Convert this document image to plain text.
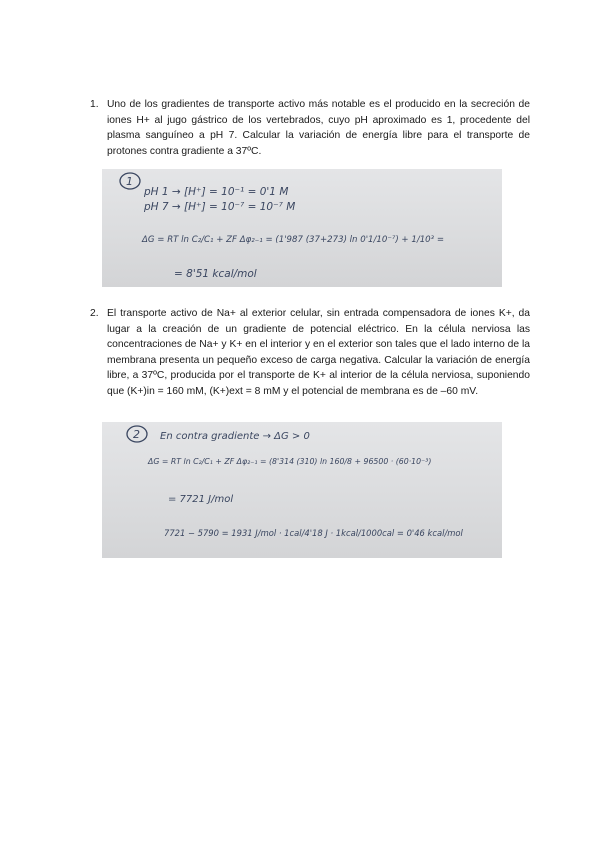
1. Uno de los gradientes de transporte activo más notable es el producido en la secreción de iones H+ al jugo gástrico de los vertebrados, cuyo pH aproximado es 1, procedente del plasma sanguíneo a pH 7. Calcular la variación de energía libre para el transporte de protones contra gradiente a 37ºC.
1
pH 1 → [H⁺] = 10⁻¹ = 0'1 M
pH 7 → [H⁺] = 10⁻⁷ = 10⁻⁷ M
ΔG = RT ln C₂/C₁ + ZF Δφ₂₋₁ = (1'987 (37+273) ln 0'1/10⁻⁷) + 1/10³ =
= 8'51 kcal/mol
2. El transporte activo de Na+ al exterior celular, sin entrada compensadora de iones K+, da lugar a la creación de un gradiente de potencial eléctrico. En la célula nerviosa las concentraciones de Na+ y K+ en el interior y en el exterior son tales que el lado interno de la membrana presenta un pequeño exceso de carga negativa. Calcular la variación de energía libre, a 37ºC, producida por el transporte de K+ al interior de la célula nerviosa, suponiendo que (K+)in = 160 mM, (K+)ext = 8 mM y el potencial de membrana es de –60 mV.
2 En contra gradiente → ΔG > 0
ΔG = RT ln C₂/C₁ + ZF Δφ₂₋₁ = (8'314 (310) ln 160/8 + 96500 · (60·10⁻³)
= 7721 J/mol
7721 − 5790 = 1931 J/mol · 1cal/4'18 J · 1kcal/1000cal = 0'46 kcal/mol
